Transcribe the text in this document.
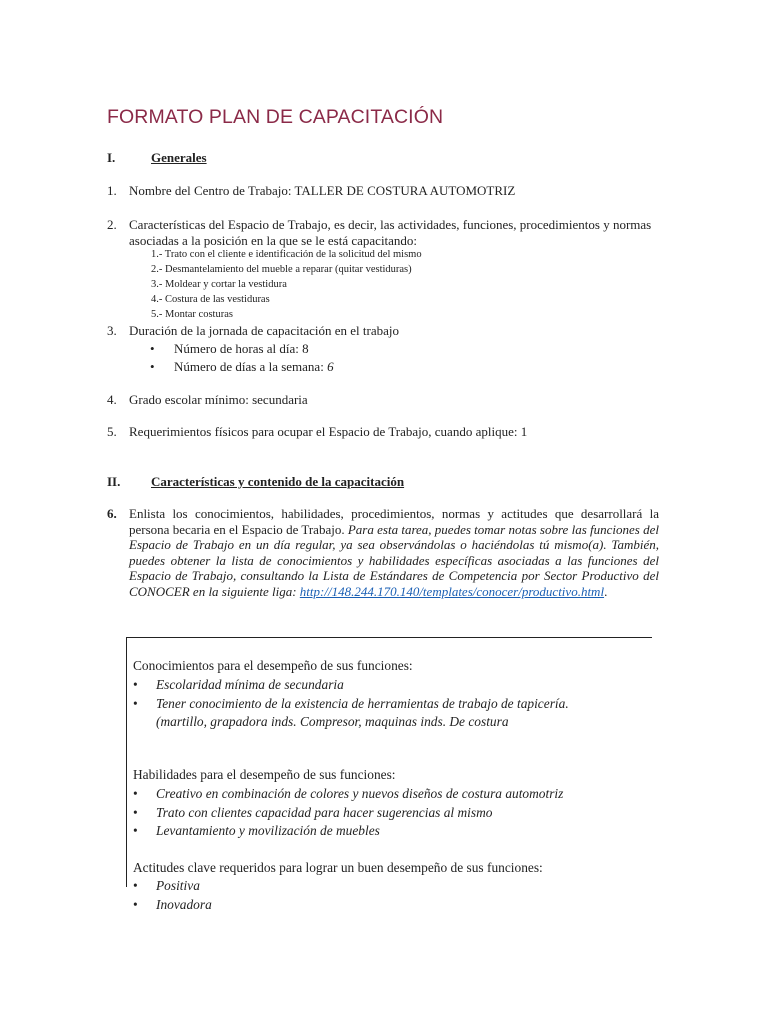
FORMATO PLAN DE CAPACITACIÓN
I.	Generales
1. Nombre del Centro de Trabajo: TALLER DE COSTURA AUTOMOTRIZ
2. Características del Espacio de Trabajo, es decir, las actividades, funciones, procedimientos y normas asociadas a la posición en la que se le está capacitando:
1.- Trato con el cliente e identificación de la solicitud del mismo
2.- Desmantelamiento del mueble a reparar (quitar vestiduras)
3.- Moldear y cortar la vestidura
4.- Costura de las vestiduras
5.- Montar costuras
3. Duración de la jornada de capacitación en el trabajo
• Número de horas al día: 8
• Número de días a la semana: 6
4. Grado escolar mínimo: secundaria
5. Requerimientos físicos para ocupar el Espacio de Trabajo, cuando aplique: 1
II. Características y contenido de la capacitación
6. Enlista los conocimientos, habilidades, procedimientos, normas y actitudes que desarrollará la persona becaria en el Espacio de Trabajo. Para esta tarea, puedes tomar notas sobre las funciones del Espacio de Trabajo en un día regular, ya sea observándolas o haciéndolas tú mismo(a). También, puedes obtener la lista de conocimientos y habilidades específicas asociadas a las funciones del Espacio de Trabajo, consultando la Lista de Estándares de Competencia por Sector Productivo del CONOCER en la siguiente liga: http://148.244.170.140/templates/conocer/productivo.html.
Conocimientos para el desempeño de sus funciones:
• Escolaridad mínima de secundaria
• Tener conocimiento de la existencia de herramientas de trabajo de tapicería.
(martillo, grapadora inds. Compresor, maquinas inds. De costura
Habilidades para el desempeño de sus funciones:
• Creativo en combinación de colores y nuevos diseños de costura automotriz
• Trato con clientes capacidad para hacer sugerencias al mismo
• Levantamiento y movilización de muebles
Actitudes clave requeridos para lograr un buen desempeño de sus funciones:
• Positiva
• Inovadora
